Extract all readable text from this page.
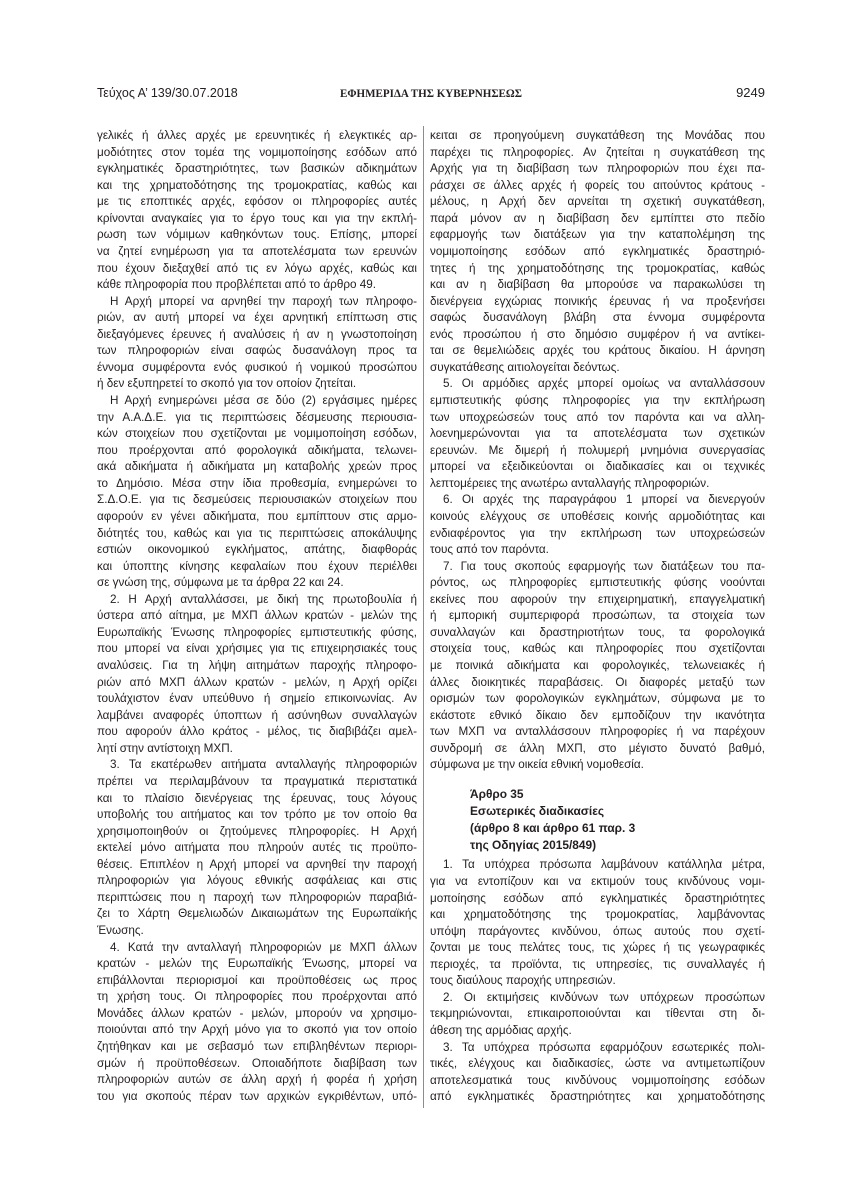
Τεύχος Α’ 139/30.07.2018	ΕΦΗΜΕΡΙΔΑ ΤΗΣ ΚΥΒΕΡΝΗΣΕΩΣ	9249
γελικές ή άλλες αρχές με ερευνητικές ή ελεγκτικές αρ-
μοδιότητες στον τομέα της νομιμοποίησης εσόδων από
εγκληματικές δραστηριότητες, των βασικών αδικημάτων
και της χρηματοδότησης της τρομοκρατίας, καθώς και
με τις εποπτικές αρχές, εφόσον οι πληροφορίες αυτές
κρίνονται αναγκαίες για το έργο τους και για την εκπλή-
ρωση των νόμιμων καθηκόντων τους. Επίσης, μπορεί
να ζητεί ενημέρωση για τα αποτελέσματα των ερευνών
που έχουν διεξαχθεί από τις εν λόγω αρχές, καθώς και
κάθε πληροφορία που προβλέπεται από το άρθρο 49.
Η Αρχή μπορεί να αρνηθεί την παροχή των πληροφο-
ριών, αν αυτή μπορεί να έχει αρνητική επίπτωση στις
διεξαγόμενες έρευνες ή αναλύσεις ή αν η γνωστοποίηση
των πληροφοριών είναι σαφώς δυσανάλογη προς τα
έννομα συμφέροντα ενός φυσικού ή νομικού προσώπου
ή δεν εξυπηρετεί το σκοπό για τον οποίον ζητείται.
Η Αρχή ενημερώνει μέσα σε δύο (2) εργάσιμες ημέρες
την Α.Α.Δ.Ε. για τις περιπτώσεις δέσμευσης περιουσια-
κών στοιχείων που σχετίζονται με νομιμοποίηση εσόδων,
που προέρχονται από φορολογικά αδικήματα, τελωνει-
ακά αδικήματα ή αδικήματα μη καταβολής χρεών προς
το Δημόσιο. Μέσα στην ίδια προθεσμία, ενημερώνει το
Σ.Δ.Ο.Ε. για τις δεσμεύσεις περιουσιακών στοιχείων που
αφορούν εν γένει αδικήματα, που εμπίπτουν στις αρμο-
διότητές του, καθώς και για τις περιπτώσεις αποκάλυψης
εστιών οικονομικού εγκλήματος, απάτης, διαφθοράς
και ύποπτης κίνησης κεφαλαίων που έχουν περιέλθει
σε γνώση της, σύμφωνα με τα άρθρα 22 και 24.
2. Η Αρχή ανταλλάσσει, με δική της πρωτοβουλία ή
ύστερα από αίτημα, με ΜΧΠ άλλων κρατών - μελών της
Ευρωπαϊκής Ένωσης πληροφορίες εμπιστευτικής φύσης,
που μπορεί να είναι χρήσιμες για τις επιχειρησιακές τους
αναλύσεις. Για τη λήψη αιτημάτων παροχής πληροφο-
ριών από ΜΧΠ άλλων κρατών - μελών, η Αρχή ορίζει
τουλάχιστον έναν υπεύθυνο ή σημείο επικοινωνίας. Αν
λαμβάνει αναφορές ύποπτων ή ασύνηθων συναλλαγών
που αφορούν άλλο κράτος - μέλος, τις διαβιβάζει αμελ-
λητί στην αντίστοιχη ΜΧΠ.
3. Τα εκατέρωθεν αιτήματα ανταλλαγής πληροφοριών
πρέπει να περιλαμβάνουν τα πραγματικά περιστατικά
και το πλαίσιο διενέργειας της έρευνας, τους λόγους
υποβολής του αιτήματος και τον τρόπο με τον οποίο θα
χρησιμοποιηθούν οι ζητούμενες πληροφορίες. Η Αρχή
εκτελεί μόνο αιτήματα που πληρούν αυτές τις προϋπο-
θέσεις. Επιπλέον η Αρχή μπορεί να αρνηθεί την παροχή
πληροφοριών για λόγους εθνικής ασφάλειας και στις
περιπτώσεις που η παροχή των πληροφοριών παραβιά-
ζει το Χάρτη Θεμελιωδών Δικαιωμάτων της Ευρωπαϊκής
Ένωσης.
4. Κατά την ανταλλαγή πληροφοριών με ΜΧΠ άλλων
κρατών - μελών της Ευρωπαϊκής Ένωσης, μπορεί να
επιβάλλονται περιορισμοί και προϋποθέσεις ως προς
τη χρήση τους. Οι πληροφορίες που προέρχονται από
Μονάδες άλλων κρατών - μελών, μπορούν να χρησιμο-
ποιούνται από την Αρχή μόνο για το σκοπό για τον οποίο
ζητήθηκαν και με σεβασμό των επιβληθέντων περιορι-
σμών ή προϋποθέσεων. Οποιαδήποτε διαβίβαση των
πληροφοριών αυτών σε άλλη αρχή ή φορέα ή χρήση
του για σκοπούς πέραν των αρχικών εγκριθέντων, υπό-
κειται σε προηγούμενη συγκατάθεση της Μονάδας που
παρέχει τις πληροφορίες. Αν ζητείται η συγκατάθεση της
Αρχής για τη διαβίβαση των πληροφοριών που έχει πα-
ράσχει σε άλλες αρχές ή φορείς του αιτούντος κράτους -
μέλους, η Αρχή δεν αρνείται τη σχετική συγκατάθεση,
παρά μόνον αν η διαβίβαση δεν εμπίπτει στο πεδίο
εφαρμογής των διατάξεων για την καταπολέμηση της
νομιμοποίησης εσόδων από εγκληματικές δραστηριό-
τητες ή της χρηματοδότησης της τρομοκρατίας, καθώς
και αν η διαβίβαση θα μπορούσε να παρακωλύσει τη
διενέργεια εγχώριας ποινικής έρευνας ή να προξενήσει
σαφώς δυσανάλογη βλάβη στα έννομα συμφέροντα
ενός προσώπου ή στο δημόσιο συμφέρον ή να αντίκει-
ται σε θεμελιώδεις αρχές του κράτους δικαίου. Η άρνηση
συγκατάθεσης αιτιολογείται δεόντως.
5. Οι αρμόδιες αρχές μπορεί ομοίως να ανταλλάσσουν
εμπιστευτικής φύσης πληροφορίες για την εκπλήρωση
των υποχρεώσεών τους από τον παρόντα και να αλλη-
λοενημερώνονται για τα αποτελέσματα των σχετικών
ερευνών. Με διμερή ή πολυμερή μνημόνια συνεργασίας
μπορεί να εξειδικεύονται οι διαδικασίες και οι τεχνικές
λεπτομέρειες της ανωτέρω ανταλλαγής πληροφοριών.
6. Οι αρχές της παραγράφου 1 μπορεί να διενεργούν
κοινούς ελέγχους σε υποθέσεις κοινής αρμοδιότητας και
ενδιαφέροντος για την εκπλήρωση των υποχρεώσεών
τους από τον παρόντα.
7. Για τους σκοπούς εφαρμογής των διατάξεων του πα-
ρόντος, ως πληροφορίες εμπιστευτικής φύσης νοούνται
εκείνες που αφορούν την επιχειρηματική, επαγγελματική
ή εμπορική συμπεριφορά προσώπων, τα στοιχεία των
συναλλαγών και δραστηριοτήτων τους, τα φορολογικά
στοιχεία τους, καθώς και πληροφορίες που σχετίζονται
με ποινικά αδικήματα και φορολογικές, τελωνειακές ή
άλλες διοικητικές παραβάσεις. Οι διαφορές μεταξύ των
ορισμών των φορολογικών εγκλημάτων, σύμφωνα με το
εκάστοτε εθνικό δίκαιο δεν εμποδίζουν την ικανότητα
των ΜΧΠ να ανταλλάσσουν πληροφορίες ή να παρέχουν
συνδρομή σε άλλη ΜΧΠ, στο μέγιστο δυνατό βαθμό,
σύμφωνα με την οικεία εθνική νομοθεσία.
Άρθρο 35
Εσωτερικές διαδικασίες
(άρθρο 8 και άρθρο 61 παρ. 3
της Οδηγίας 2015/849)
1. Τα υπόχρεα πρόσωπα λαμβάνουν κατάλληλα μέτρα,
για να εντοπίζουν και να εκτιμούν τους κινδύνους νομι-
μοποίησης εσόδων από εγκληματικές δραστηριότητες
και χρηματοδότησης της τρομοκρατίας, λαμβάνοντας
υπόψη παράγοντες κινδύνου, όπως αυτούς που σχετί-
ζονται με τους πελάτες τους, τις χώρες ή τις γεωγραφικές
περιοχές, τα προϊόντα, τις υπηρεσίες, τις συναλλαγές ή
τους διαύλους παροχής υπηρεσιών.
2. Οι εκτιμήσεις κινδύνων των υπόχρεων προσώπων
τεκμηριώνονται, επικαιροποιούνται και τίθενται στη δι-
άθεση της αρμόδιας αρχής.
3. Τα υπόχρεα πρόσωπα εφαρμόζουν εσωτερικές πολι-
τικές, ελέγχους και διαδικασίες, ώστε να αντιμετωπίζουν
αποτελεσματικά τους κινδύνους νομιμοποίησης εσόδων
από εγκληματικές δραστηριότητες και χρηματοδότησης
